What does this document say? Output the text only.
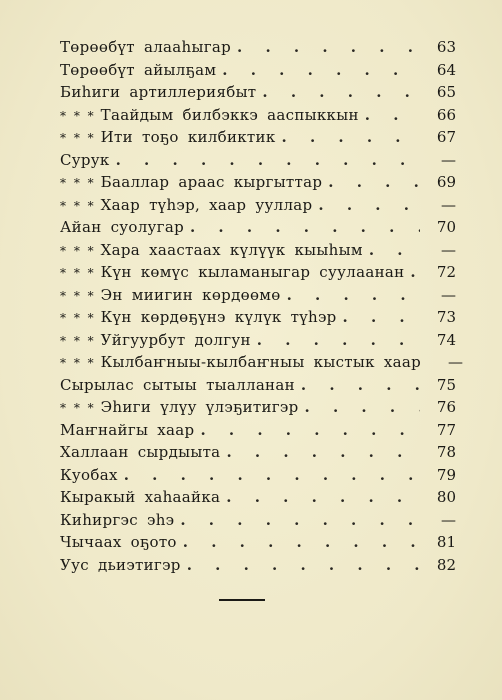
Төрөөбүт алааһыгар . . .	63
Төрөөбүт айылҕам . . .	64
Биһиги артиллериябыт . . .	65
* * * Таайдым билбэккэ ааспыккын . . .	66
* * * Ити тоҕо килбиктик . . .	67
Сурук . . .	—
* * * Бааллар араас кыргыттар . . .	69
* * * Хаар түһэр, хаар ууллар . . .	—
Айан суолугар . . .	70
* * * Хара хаастаах күлүүк кыыһым . . .	—
* * * Күн көмүс кыламаныгар суулаанан . . .	72
* * * Эн миигин көрдөөмө . . .	—
* * * Күн көрдөҕүнэ күлүк түһэр . . .	73
* * * Уйгуурбут долгун . . .	74
* * * Кылбаҥныы-кылбаҥныы кыстык хаар	—
Сырылас сытыы тыалланан . . .	75
* * * Эһиги үлүу үлэҕитигэр . . .	76
Маҥнайгы хаар . . .	77
Халлаан сырдыыта . . .	78
Куобах . . .	79
Кыракый хаһаайка . . .	80
Киһиргэс эһэ . . .	—
Чычаах оҕото . . .	81
Уус дьиэтигэр . . .	82
